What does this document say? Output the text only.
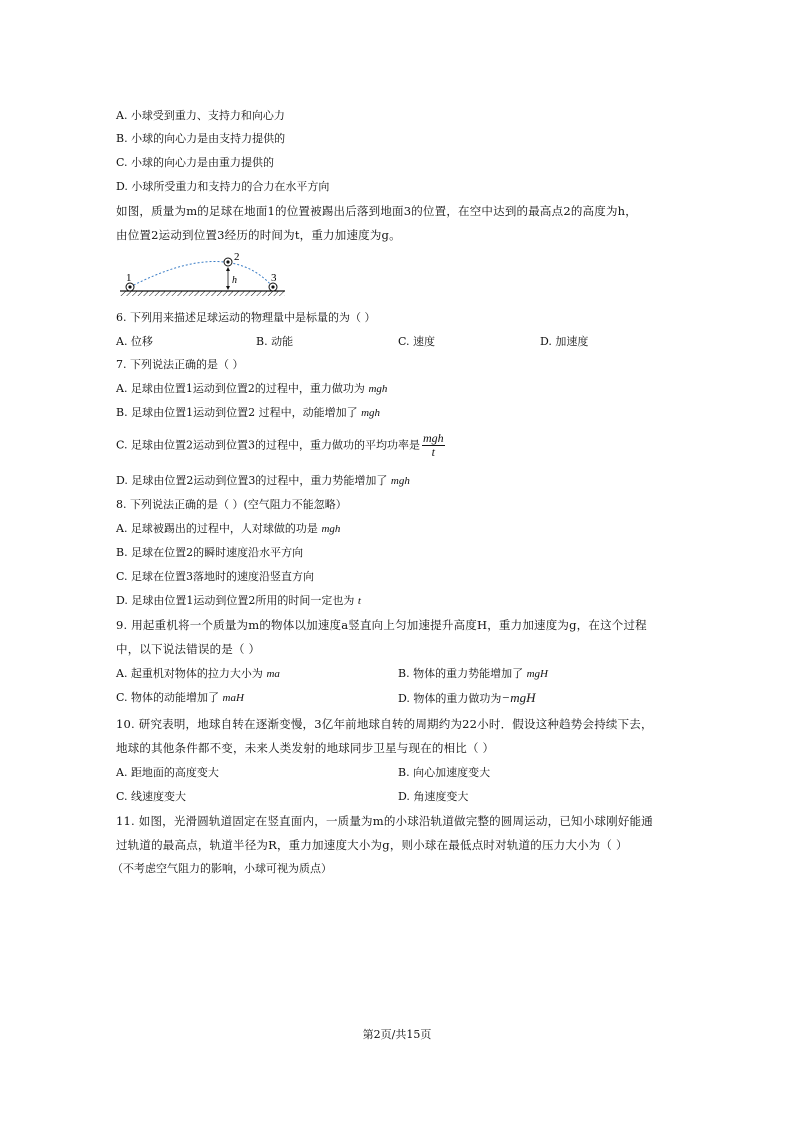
A. 小球受到重力、支持力和向心力
B. 小球的向心力是由支持力提供的
C. 小球的向心力是由重力提供的
D. 小球所受重力和支持力的合力在水平方向
如图，质量为m的足球在地面1的位置被踢出后落到地面3的位置，在空中达到的最高点2的高度为h，
由位置2运动到位置3经历的时间为t，重力加速度为g。
1
2
3
h
6. 下列用来描述足球运动的物理量中是标量的为（ ）
A. 位移	B. 动能	C. 速度	D. 加速度
7. 下列说法正确的是（ ）
A. 足球由位置1运动到位置2的过程中，重力做功为 mgh
B. 足球由位置1运动到位置2 过程中，动能增加了 mgh
C. 足球由位置2运动到位置3的过程中，重力做功的平均功率是 $\frac{\text{mgh}}{t}$
D. 足球由位置2运动到位置3的过程中，重力势能增加了 mgh
8. 下列说法正确的是（ ）(空气阻力不能忽略）
A. 足球被踢出的过程中，人对球做的功是 mgh
B. 足球在位置2的瞬时速度沿水平方向
C. 足球在位置3落地时的速度沿竖直方向
D. 足球由位置1运动到位置2所用的时间一定也为 t
9. 用起重机将一个质量为m的物体以加速度a竖直向上匀加速提升高度H，重力加速度为g，在这个过程
中，以下说法错误的是（ ）
A. 起重机对物体的拉力大小为 ma	B. 物体的重力势能增加了 mgH
C. 物体的动能增加了 maH	D. 物体的重力做功为−mgH
10. 研究表明，地球自转在逐渐变慢，3亿年前地球自转的周期约为22小时．假设这种趋势会持续下去，
地球的其他条件都不变，未来人类发射的地球同步卫星与现在的相比（ ）
A. 距地面的高度变大	B. 向心加速度变大
C. 线速度变大	D. 角速度变大
11. 如图，光滑圆轨道固定在竖直面内，一质量为m的小球沿轨道做完整的圆周运动，已知小球刚好能通
过轨道的最高点，轨道半径为R，重力加速度大小为g，则小球在最低点时对轨道的压力大小为（ ）
（不考虑空气阻力的影响，小球可视为质点）
第2页/共15页
